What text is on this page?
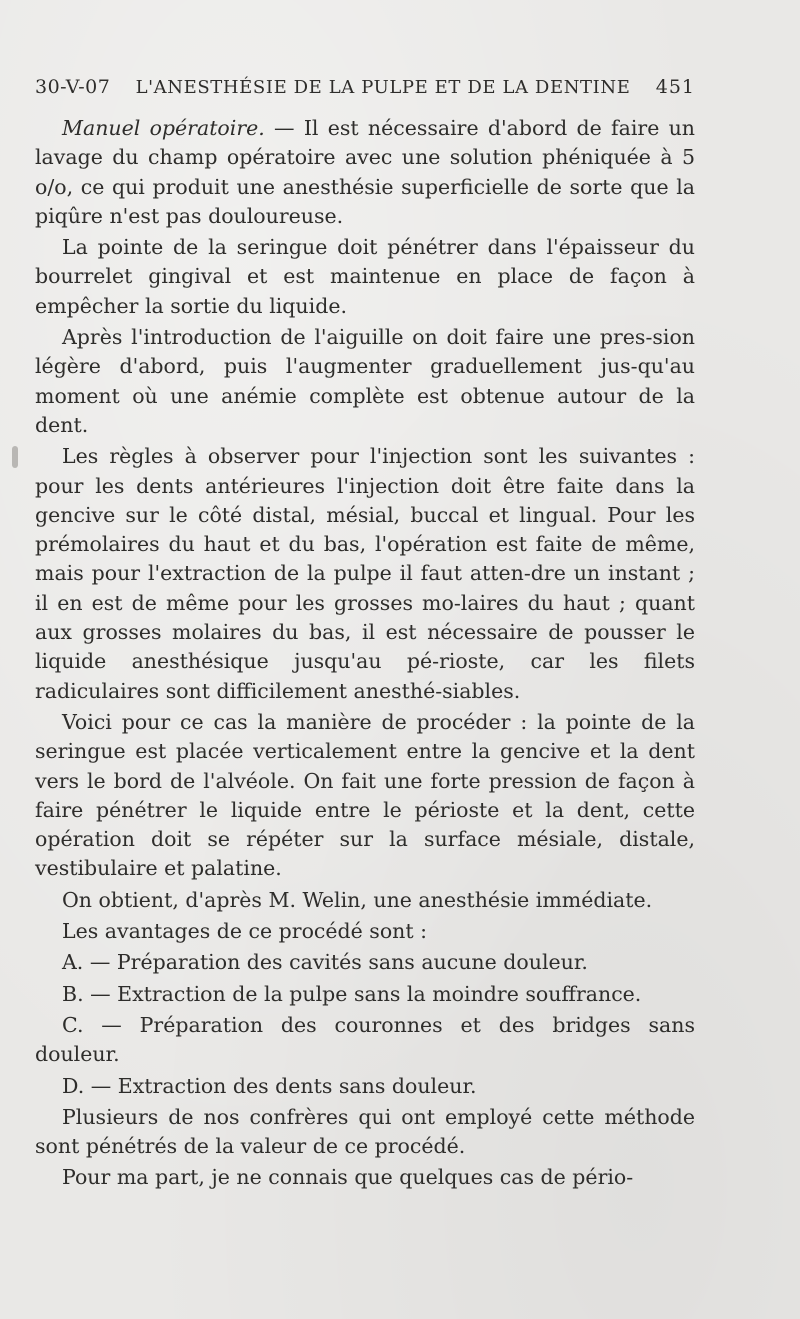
30-V-07	L'ANESTHÉSIE DE LA PULPE ET DE LA DENTINE	451

Manuel opératoire. — Il est nécessaire d'abord de faire un lavage du champ opératoire avec une solution phéniquée à 5 o/o, ce qui produit une anesthésie superficielle de sorte que la piqûre n'est pas douloureuse.

La pointe de la seringue doit pénétrer dans l'épaisseur du bourrelet gingival et est maintenue en place de façon à empêcher la sortie du liquide.

Après l'introduction de l'aiguille on doit faire une pres-sion légère d'abord, puis l'augmenter graduellement jus-qu'au moment où une anémie complète est obtenue autour de la dent.

Les règles à observer pour l'injection sont les suivantes : pour les dents antérieures l'injection doit être faite dans la gencive sur le côté distal, mésial, buccal et lingual. Pour les prémolaires du haut et du bas, l'opération est faite de même, mais pour l'extraction de la pulpe il faut atten-dre un instant ; il en est de même pour les grosses mo-laires du haut ; quant aux grosses molaires du bas, il est nécessaire de pousser le liquide anesthésique jusqu'au pé-rioste, car les filets radiculaires sont difficilement anesthé-siables.

Voici pour ce cas la manière de procéder : la pointe de la seringue est placée verticalement entre la gencive et la dent vers le bord de l'alvéole. On fait une forte pression de façon à faire pénétrer le liquide entre le périoste et la dent, cette opération doit se répéter sur la surface mésiale, distale, vestibulaire et palatine.

On obtient, d'après M. Welin, une anesthésie immédiate.

Les avantages de ce procédé sont :

A. — Préparation des cavités sans aucune douleur.

B. — Extraction de la pulpe sans la moindre souffrance.

C. — Préparation des couronnes et des bridges sans douleur.

D. — Extraction des dents sans douleur.

Plusieurs de nos confrères qui ont employé cette méthode sont pénétrés de la valeur de ce procédé.

Pour ma part, je ne connais que quelques cas de pério-
